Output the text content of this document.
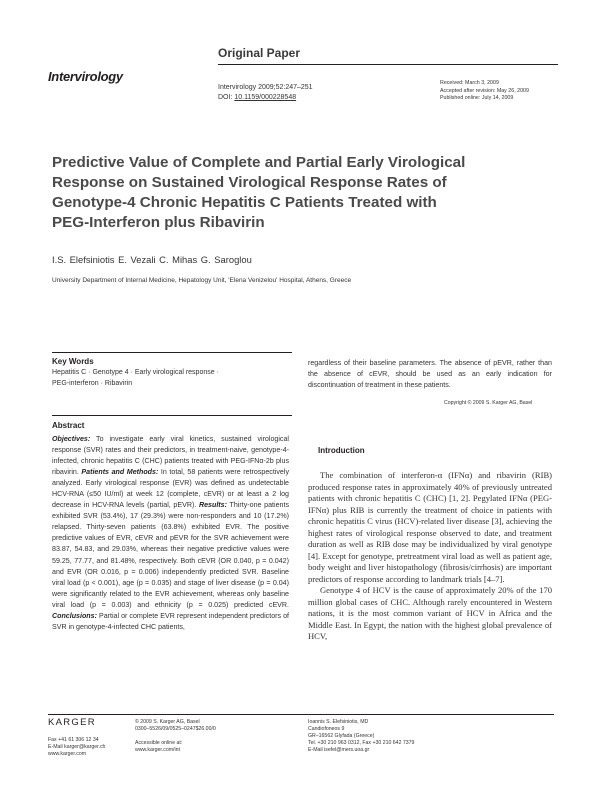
Original Paper
Intervirology
Intervirology 2009;52:247–251
DOI: 10.1159/000228548
Received: March 3, 2009
Accepted after revision: May 26, 2009
Published online: July 14, 2009
Predictive Value of Complete and Partial Early Virological Response on Sustained Virological Response Rates of Genotype-4 Chronic Hepatitis C Patients Treated with PEG-Interferon plus Ribavirin
I.S. Elefsiniotis E. Vezali C. Mihas G. Saroglou
University Department of Internal Medicine, Hepatology Unit, 'Elena Venizelou' Hospital, Athens, Greece
Key Words
Hepatitis C · Genotype 4 · Early virological response ·
PEG-interferon · Ribavirin
Abstract
Objectives: To investigate early viral kinetics, sustained virological response (SVR) rates and their predictors, in treatment-naive, genotype-4-infected, chronic hepatitis C (CHC) patients treated with PEG-IFNα-2b plus ribavirin. Patients and Methods: In total, 58 patients were retrospectively analyzed. Early virological response (EVR) was defined as undetectable HCV-RNA (≤50 IU/ml) at week 12 (complete, cEVR) or at least a 2 log decrease in HCV-RNA levels (partial, pEVR). Results: Thirty-one patients exhibited SVR (53.4%), 17 (29.3%) were non-responders and 10 (17.2%) relapsed. Thirty-seven patients (63.8%) exhibited EVR. The positive predictive values of EVR, cEVR and pEVR for the SVR achievement were 83.87, 54.83, and 29.03%, whereas their negative predictive values were 59.25, 77.77, and 81.48%, respectively. Both cEVR (OR 0.040, p = 0.042) and EVR (OR 0.016, p = 0.006) independently predicted SVR. Baseline viral load (p < 0.001), age (p = 0.035) and stage of liver disease (p = 0.04) were significantly related to the EVR achievement, whereas only baseline viral load (p = 0.003) and ethnicity (p = 0.025) predicted cEVR. Conclusions: Partial or complete EVR represent independent predictors of SVR in genotype-4-infected CHC patients,
regardless of their baseline parameters. The absence of pEVR, rather than the absence of cEVR, should be used as an early indication for discontinuation of treatment in these patients.
Copyright © 2009 S. Karger AG, Basel
Introduction

The combination of interferon-α (IFNα) and ribavirin (RIB) produced response rates in approximately 40% of previously untreated patients with chronic hepatitis C (CHC) [1, 2]. Pegylated IFNα (PEG-IFNα) plus RIB is currently the treatment of choice in patients with chronic hepatitis C virus (HCV)-related liver disease [3], achieving the highest rates of virological response observed to date, and treatment duration as well as RIB dose may be individualized by viral genotype [4]. Except for genotype, pretreatment viral load as well as patient age, body weight and liver histopathology (fibrosis/cirrhosis) are important predictors of response according to landmark trials [4–7].

Genotype 4 of HCV is the cause of approximately 20% of the 170 million global cases of CHC. Although rarely encountered in Western nations, it is the most common variant of HCV in Africa and the Middle East. In Egypt, the nation with the highest global prevalence of HCV,

KARGER
Fax +41 61 306 12 34
E-Mail karger@karger.ch
www.karger.com
© 2009 S. Karger AG, Basel
0300–5526/09/0525–0247$26.00/0
Accessible online at:
www.karger.com/int
Ioannis S. Elefsiniotis, MD
Candiofoneos 9
GR–16562 Glyfada (Greece)
Tel. +30 210 963 0312, Fax +30 210 642 7379
E-Mail isefel@mers.uoa.gr
